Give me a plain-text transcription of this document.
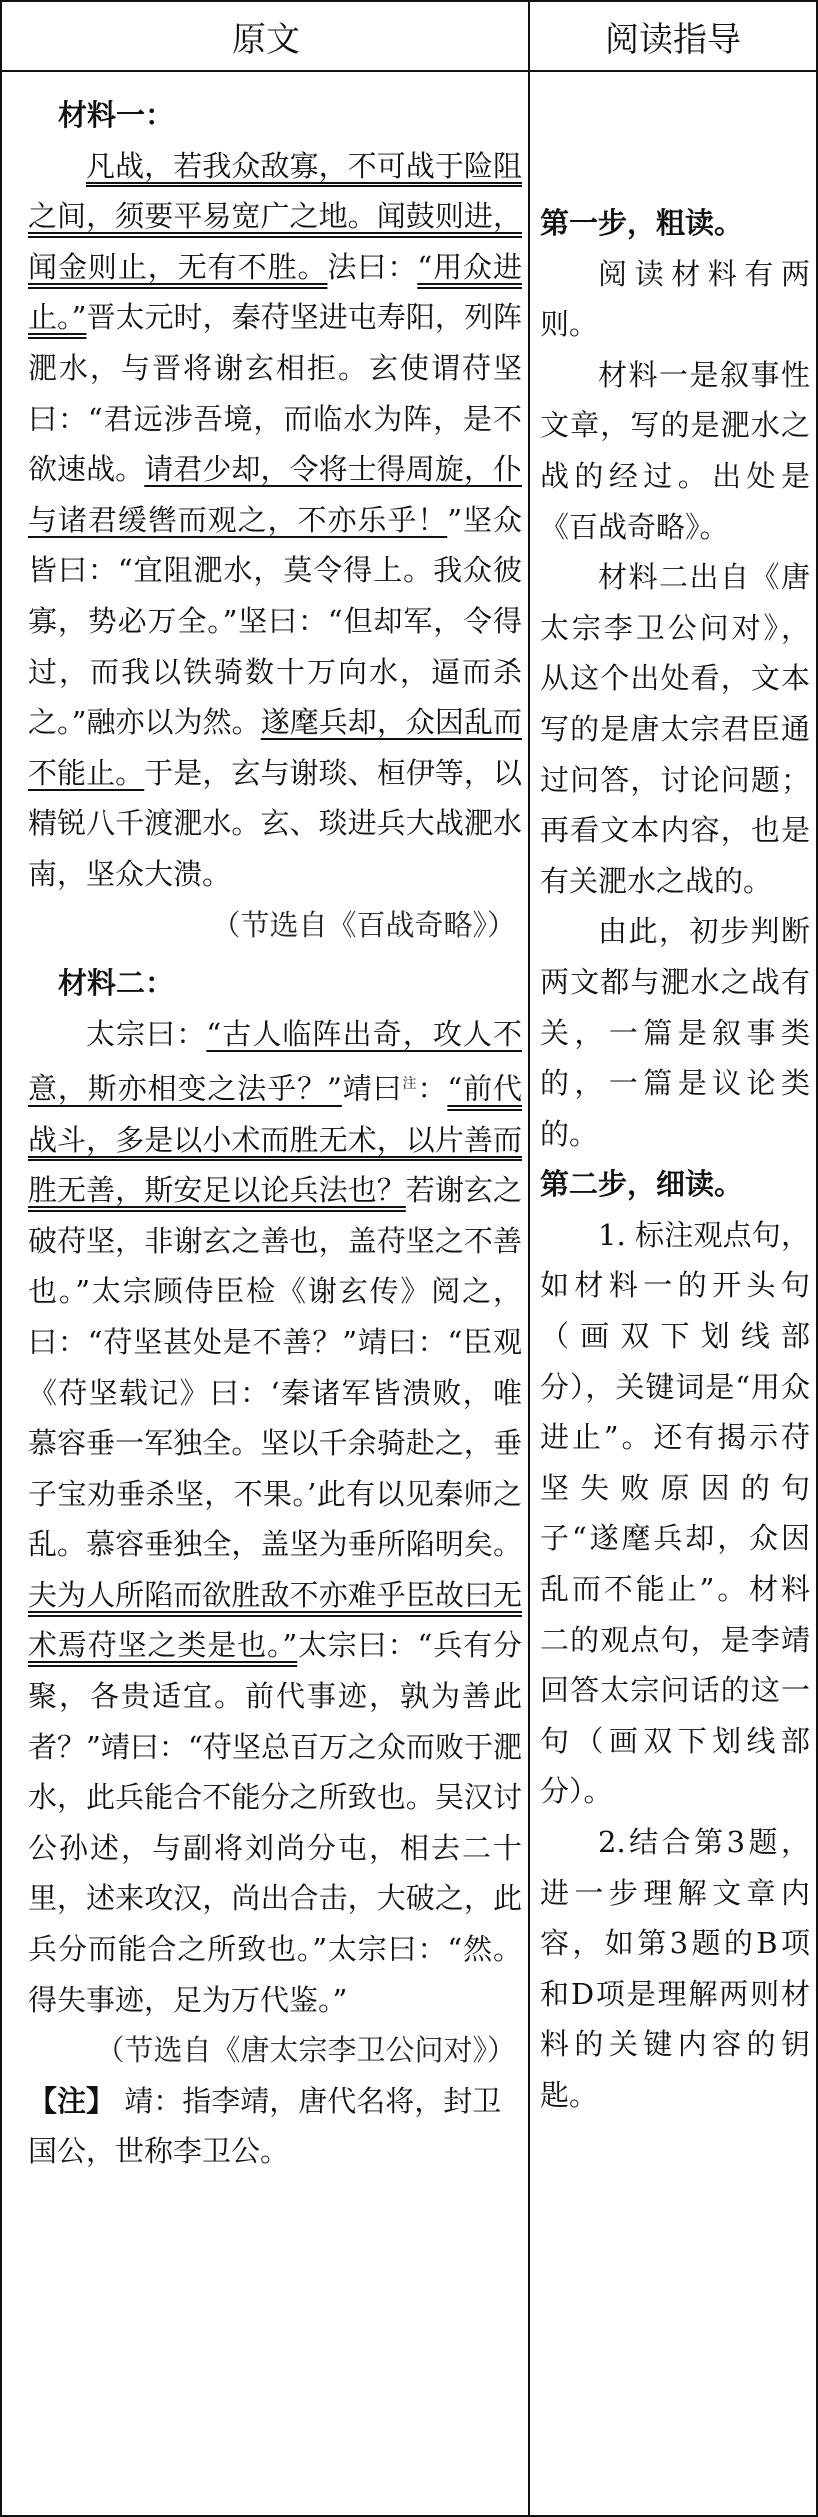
原文	阅读指导

材料一：

凡战，若我众敌寡，不可战于险阻之间，须要平易宽广之地。闻鼓则进，闻金则止，无有不胜。法曰：“用众进止。”晋太元时，秦苻坚进屯寿阳，列阵淝水，与晋将谢玄相拒。玄使谓苻坚曰：“君远涉吾境，而临水为阵，是不欲速战。请君少却，令将士得周旋，仆与诸君缓辔而观之，不亦乐乎！”坚众皆曰：“宜阻淝水，莫令得上。我众彼寡，势必万全。”坚曰：“但却军，令得过，而我以铁骑数十万向水，逼而杀之。”融亦以为然。遂麾兵却，众因乱而不能止。于是，玄与谢琰、桓伊等，以精锐八千渡淝水。玄、琰进兵大战淝水南，坚众大溃。

（节选自《百战奇略》）

材料二：

太宗曰：“古人临阵出奇，攻人不意，斯亦相变之法乎？”靖曰$^注$：“前代战斗，多是以小术而胜无术，以片善而胜无善，斯安足以论兵法也？若谢玄之破苻坚，非谢玄之善也，盖苻坚之不善也。”太宗顾侍臣检《谢玄传》阅之，曰：“苻坚甚处是不善？”靖曰：“臣观《苻坚载记》曰：‘秦诸军皆溃败，唯慕容垂一军独全。坚以千余骑赴之，垂子宝劝垂杀坚，不果。’此有以见秦师之乱。慕容垂独全，盖坚为垂所陷明矣。夫为人所陷而欲胜敌不亦难乎臣故曰无术焉苻坚之类是也。”太宗曰：“兵有分聚，各贵适宜。前代事迹，孰为善此者？”靖曰：“苻坚总百万之众而败于淝水，此兵能合不能分之所致也。吴汉讨公孙述，与副将刘尚分屯，相去二十里，述来攻汉，尚出合击，大破之，此兵分而能合之所致也。”太宗曰：“然。得失事迹，足为万代鉴。”

（节选自《唐太宗李卫公问对》）

【注】 靖：指李靖，唐代名将，封卫国公，世称李卫公。

第一步，粗读。

阅读材料有两则。

材料一是叙事性文章，写的是淝水之战的经过。出处是《百战奇略》。

材料二出自《唐太宗李卫公问对》，从这个出处看，文本写的是唐太宗君臣通过问答，讨论问题；再看文本内容，也是有关淝水之战的。

由此，初步判断两文都与淝水之战有关，一篇是叙事类的，一篇是议论类的。

第二步，细读。

1. 标注观点句，如材料一的开头句（画双下划线部分），关键词是“用众进止”。还有揭示苻坚失败原因的句子“遂麾兵却，众因乱而不能止”。材料二的观点句，是李靖回答太宗问话的这一句（画双下划线部分）。

2.结合第3题，进一步理解文章内容，如第3题的B项和D项是理解两则材料的关键内容的钥匙。
